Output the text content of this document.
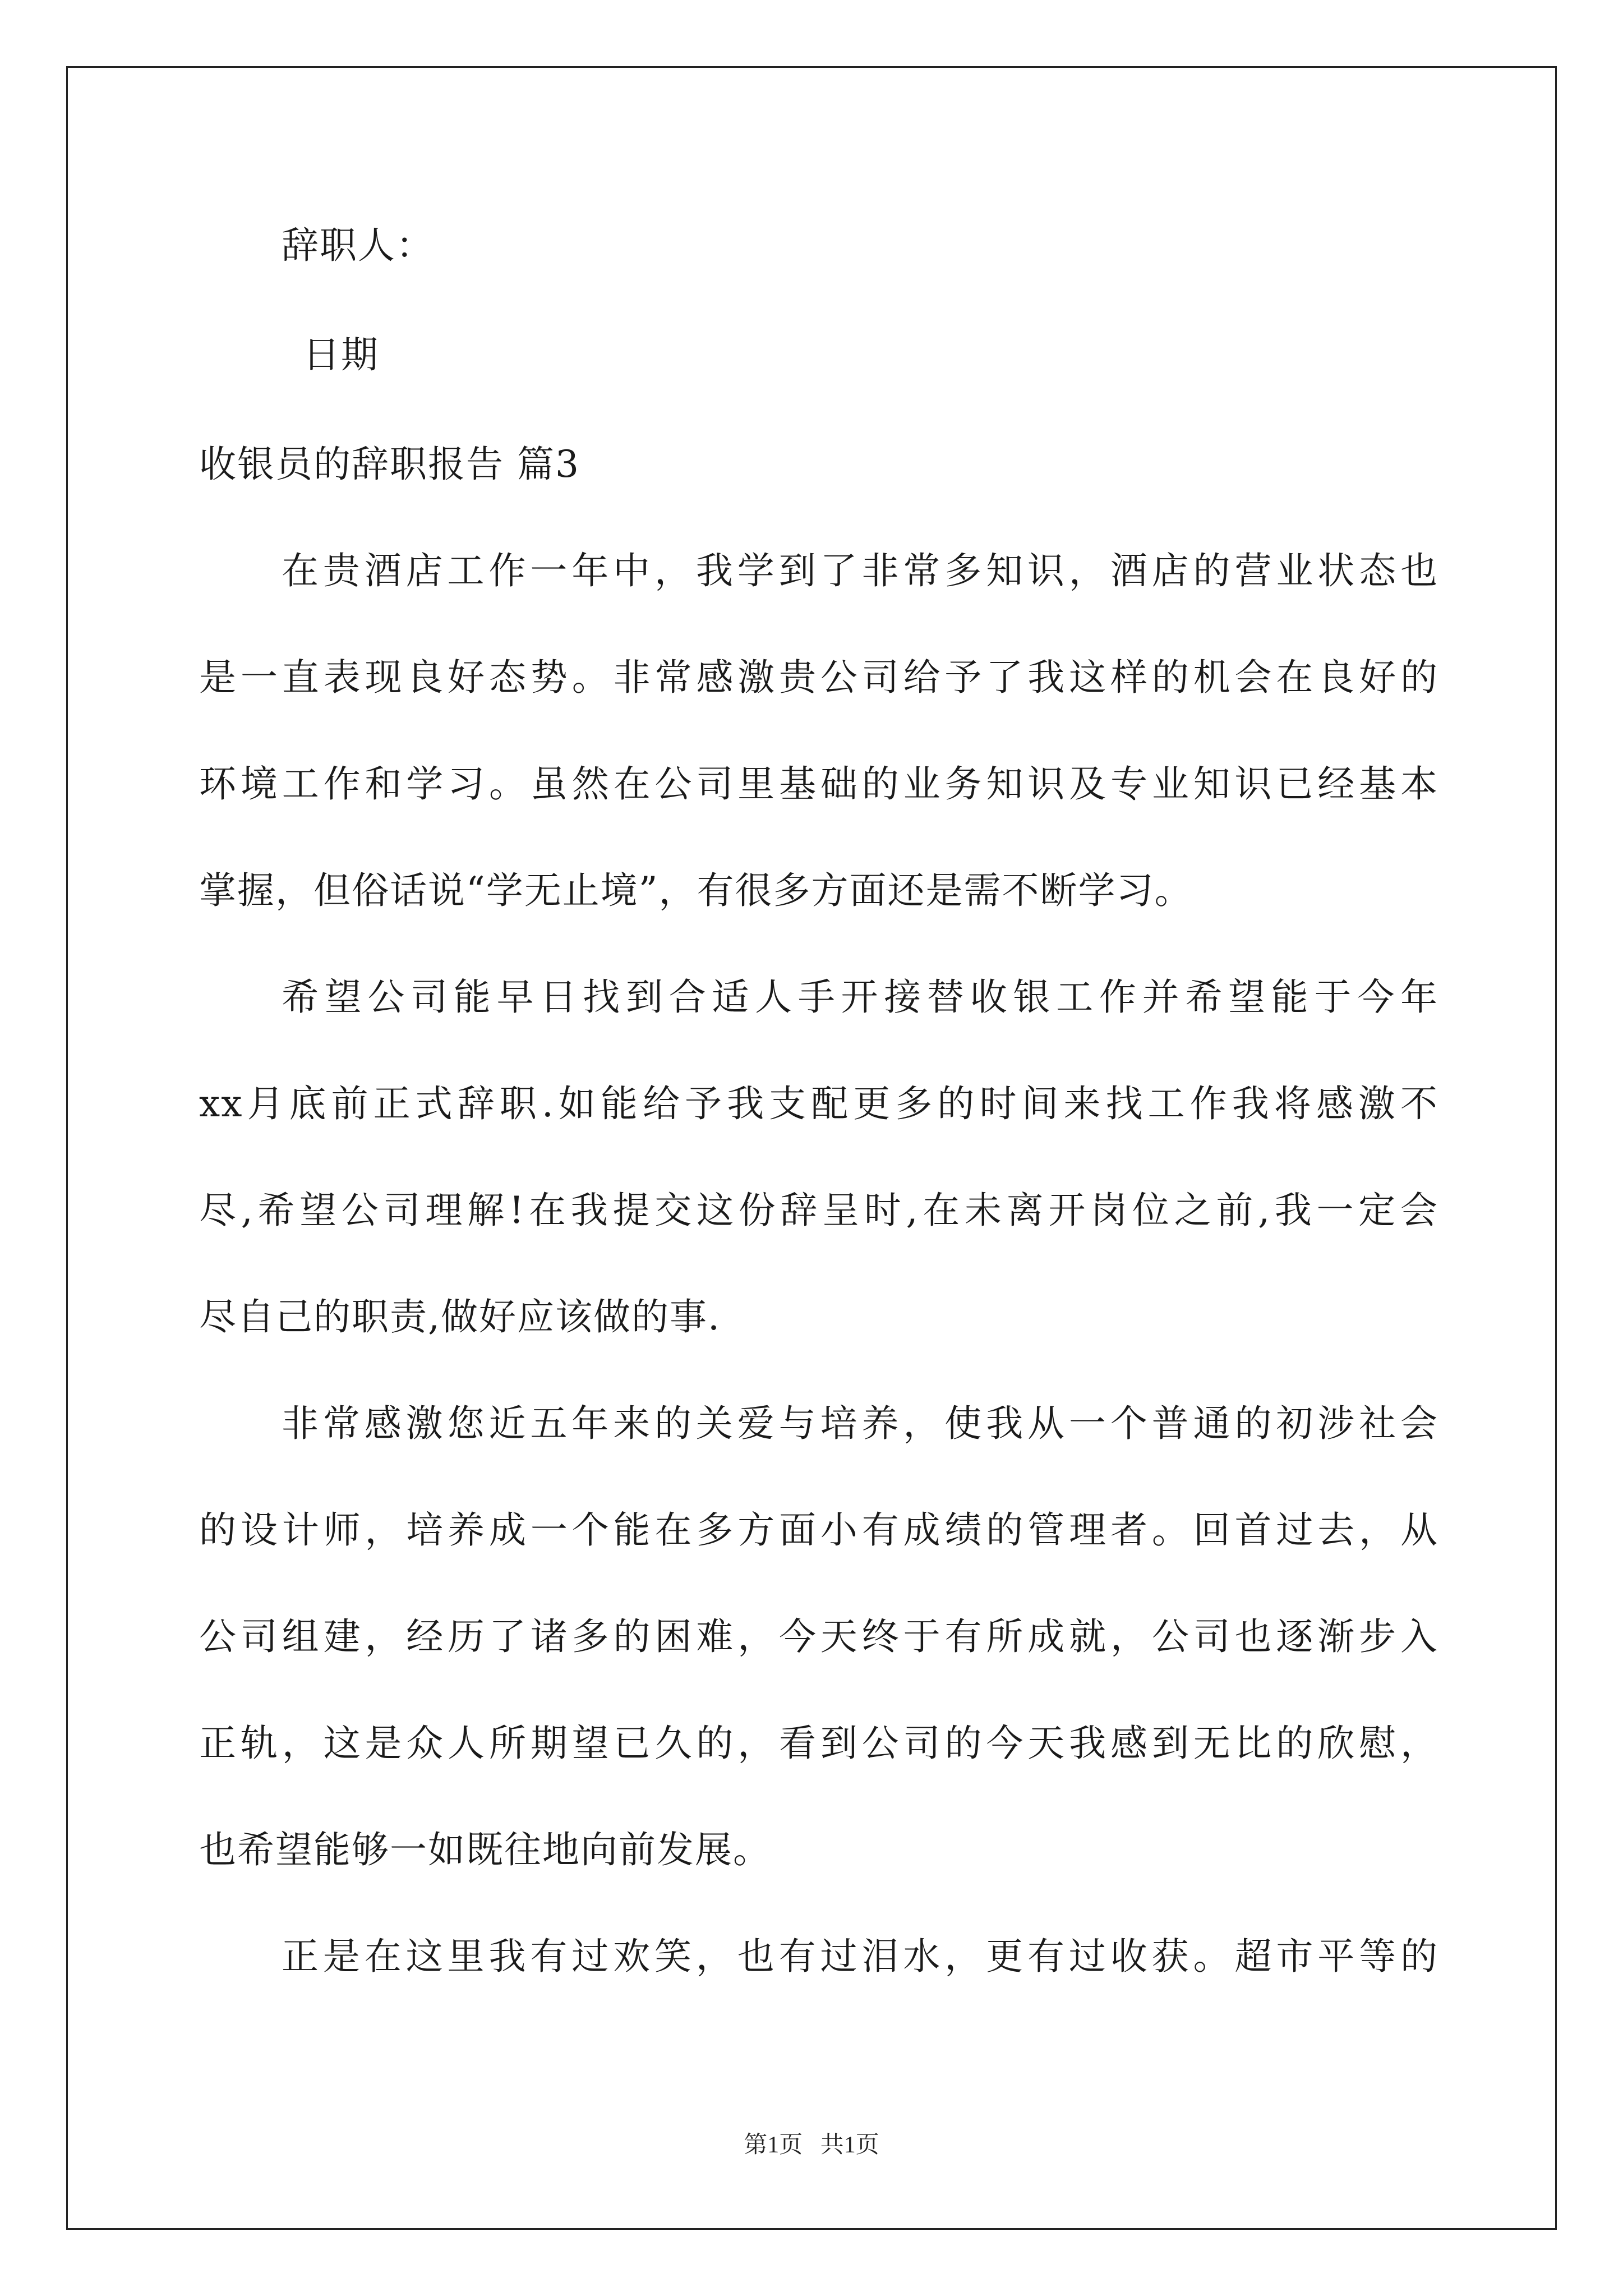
辞职人：
日期
收银员的辞职报告 篇3
在贵酒店工作一年中，我学到了非常多知识，酒店的营业状态也
是一直表现良好态势。非常感激贵公司给予了我这样的机会在良好的
环境工作和学习。虽然在公司里基础的业务知识及专业知识已经基本
掌握，但俗话说“学无止境”，有很多方面还是需不断学习。
希望公司能早日找到合适人手开接替收银工作并希望能于今年
xx月底前正式辞职.如能给予我支配更多的时间来找工作我将感激不
尽,希望公司理解!在我提交这份辞呈时,在未离开岗位之前,我一定会
尽自己的职责,做好应该做的事.
非常感激您近五年来的关爱与培养，使我从一个普通的初涉社会
的设计师，培养成一个能在多方面小有成绩的管理者。回首过去，从
公司组建，经历了诸多的困难，今天终于有所成就，公司也逐渐步入
正轨，这是众人所期望已久的，看到公司的今天我感到无比的欣慰，
也希望能够一如既往地向前发展。
正是在这里我有过欢笑，也有过泪水，更有过收获。超市平等的
第1页   共1页
